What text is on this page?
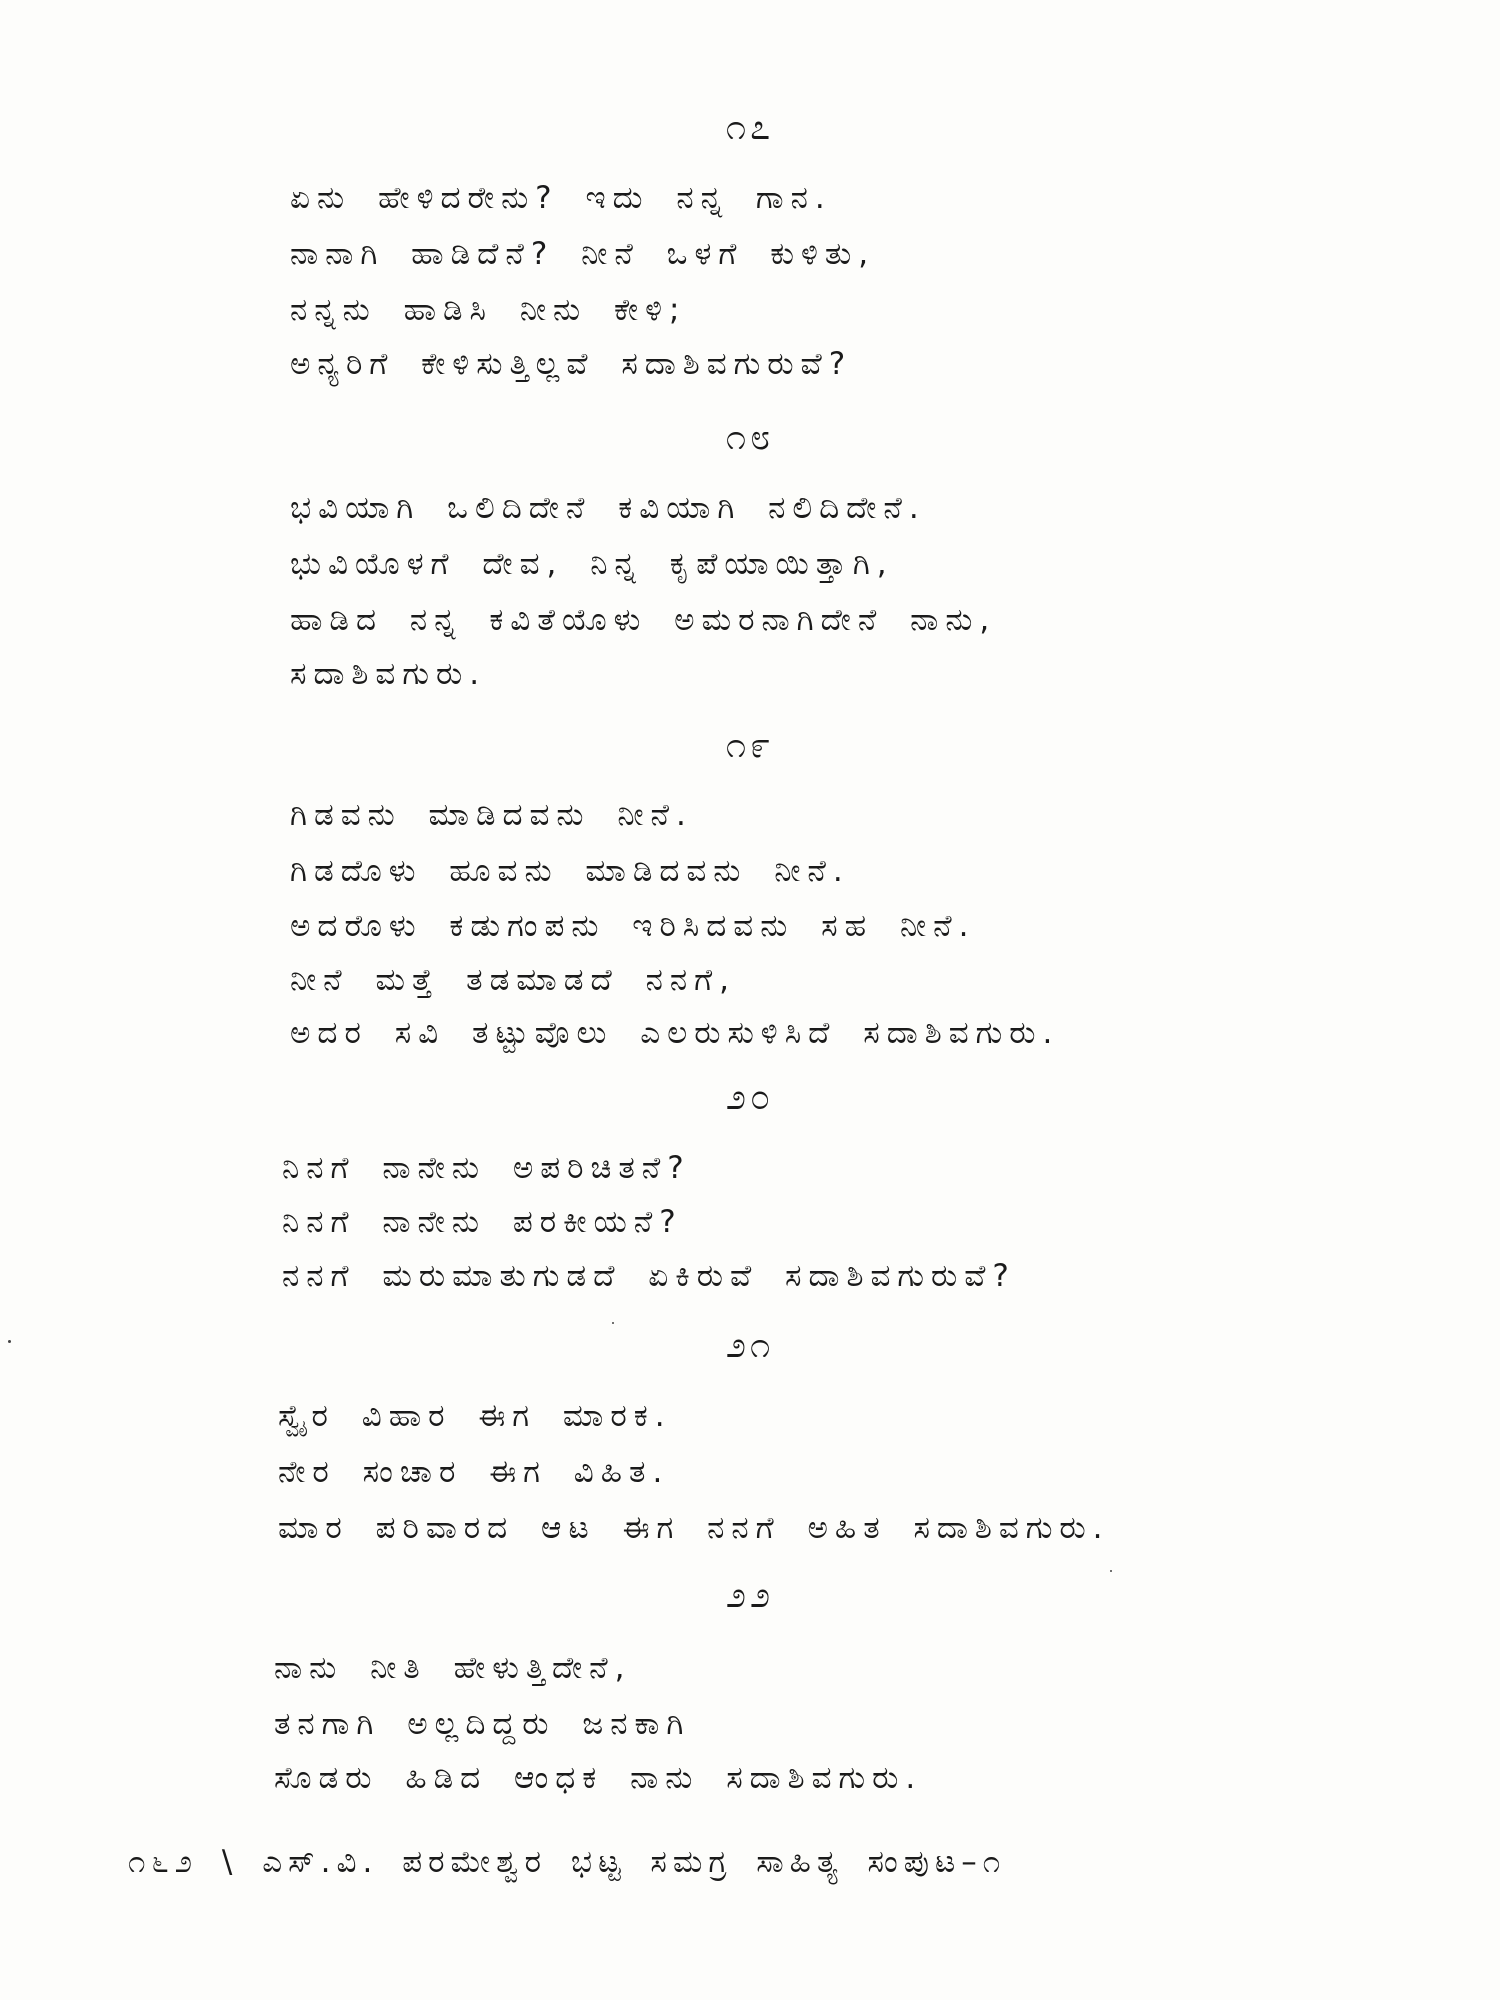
೧೭
ಏನು ಹೇಳಿದರೇನು? ಇದು ನನ್ನ ಗಾನ.
ನಾನಾಗಿ ಹಾಡಿದೆನೆ? ನೀನೆ ಒಳಗೆ ಕುಳಿತು,
ನನ್ನನು ಹಾಡಿಸಿ ನೀನು ಕೇಳಿ;
ಅನ್ಯರಿಗೆ ಕೇಳಿಸುತ್ತಿಲ್ಲವೆ ಸದಾಶಿವಗುರುವೆ?
೧೮
ಭವಿಯಾಗಿ ಒಲಿದಿದೇನೆ ಕವಿಯಾಗಿ ನಲಿದಿದೇನೆ.
ಭುವಿಯೊಳಗೆ ದೇವ, ನಿನ್ನ ಕೃಪೆಯಾಯಿತ್ತಾಗಿ,
ಹಾಡಿದ ನನ್ನ ಕವಿತೆಯೊಳು ಅಮರನಾಗಿದೇನೆ ನಾನು,
ಸದಾಶಿವಗುರು.
೧೯
ಗಿಡವನು ಮಾಡಿದವನು ನೀನೆ.
ಗಿಡದೊಳು ಹೂವನು ಮಾಡಿದವನು ನೀನೆ.
ಅದರೊಳು ಕಡುಗಂಪನು ಇರಿಸಿದವನು ಸಹ ನೀನೆ.
ನೀನೆ ಮತ್ತೆ ತಡಮಾಡದೆ ನನಗೆ,
ಅದರ ಸವಿ ತಟ್ಟುವೊಲು ಎಲರುಸುಳಿಸಿದೆ ಸದಾಶಿವಗುರು.
೨೦
ನಿನಗೆ ನಾನೇನು ಅಪರಿಚಿತನೆ?
ನಿನಗೆ ನಾನೇನು ಪರಕೀಯನೆ?
ನನಗೆ ಮರುಮಾತುಗುಡದೆ ಏಕಿರುವೆ ಸದಾಶಿವಗುರುವೆ?
೨೧
ಸ್ವೈರ ವಿಹಾರ ಈಗ ಮಾರಕ.
ನೇರ ಸಂಚಾರ ಈಗ ವಿಹಿತ.
ಮಾರ ಪರಿವಾರದ ಆಟ ಈಗ ನನಗೆ ಅಹಿತ ಸದಾಶಿವಗುರು.
೨೨
ನಾನು ನೀತಿ ಹೇಳುತ್ತಿದೇನೆ,
ತನಗಾಗಿ ಅಲ್ಲದಿದ್ದರು ಜನಕಾಗಿ
ಸೊಡರು ಹಿಡಿದ ಆಂಧಕ ನಾನು ಸದಾಶಿವಗುರು.
೧೬೨ \ ಎಸ್.ವಿ. ಪರಮೇಶ್ವರ ಭಟ್ಟ ಸಮಗ್ರ ಸಾಹಿತ್ಯ ಸಂಪುಟ–೧
